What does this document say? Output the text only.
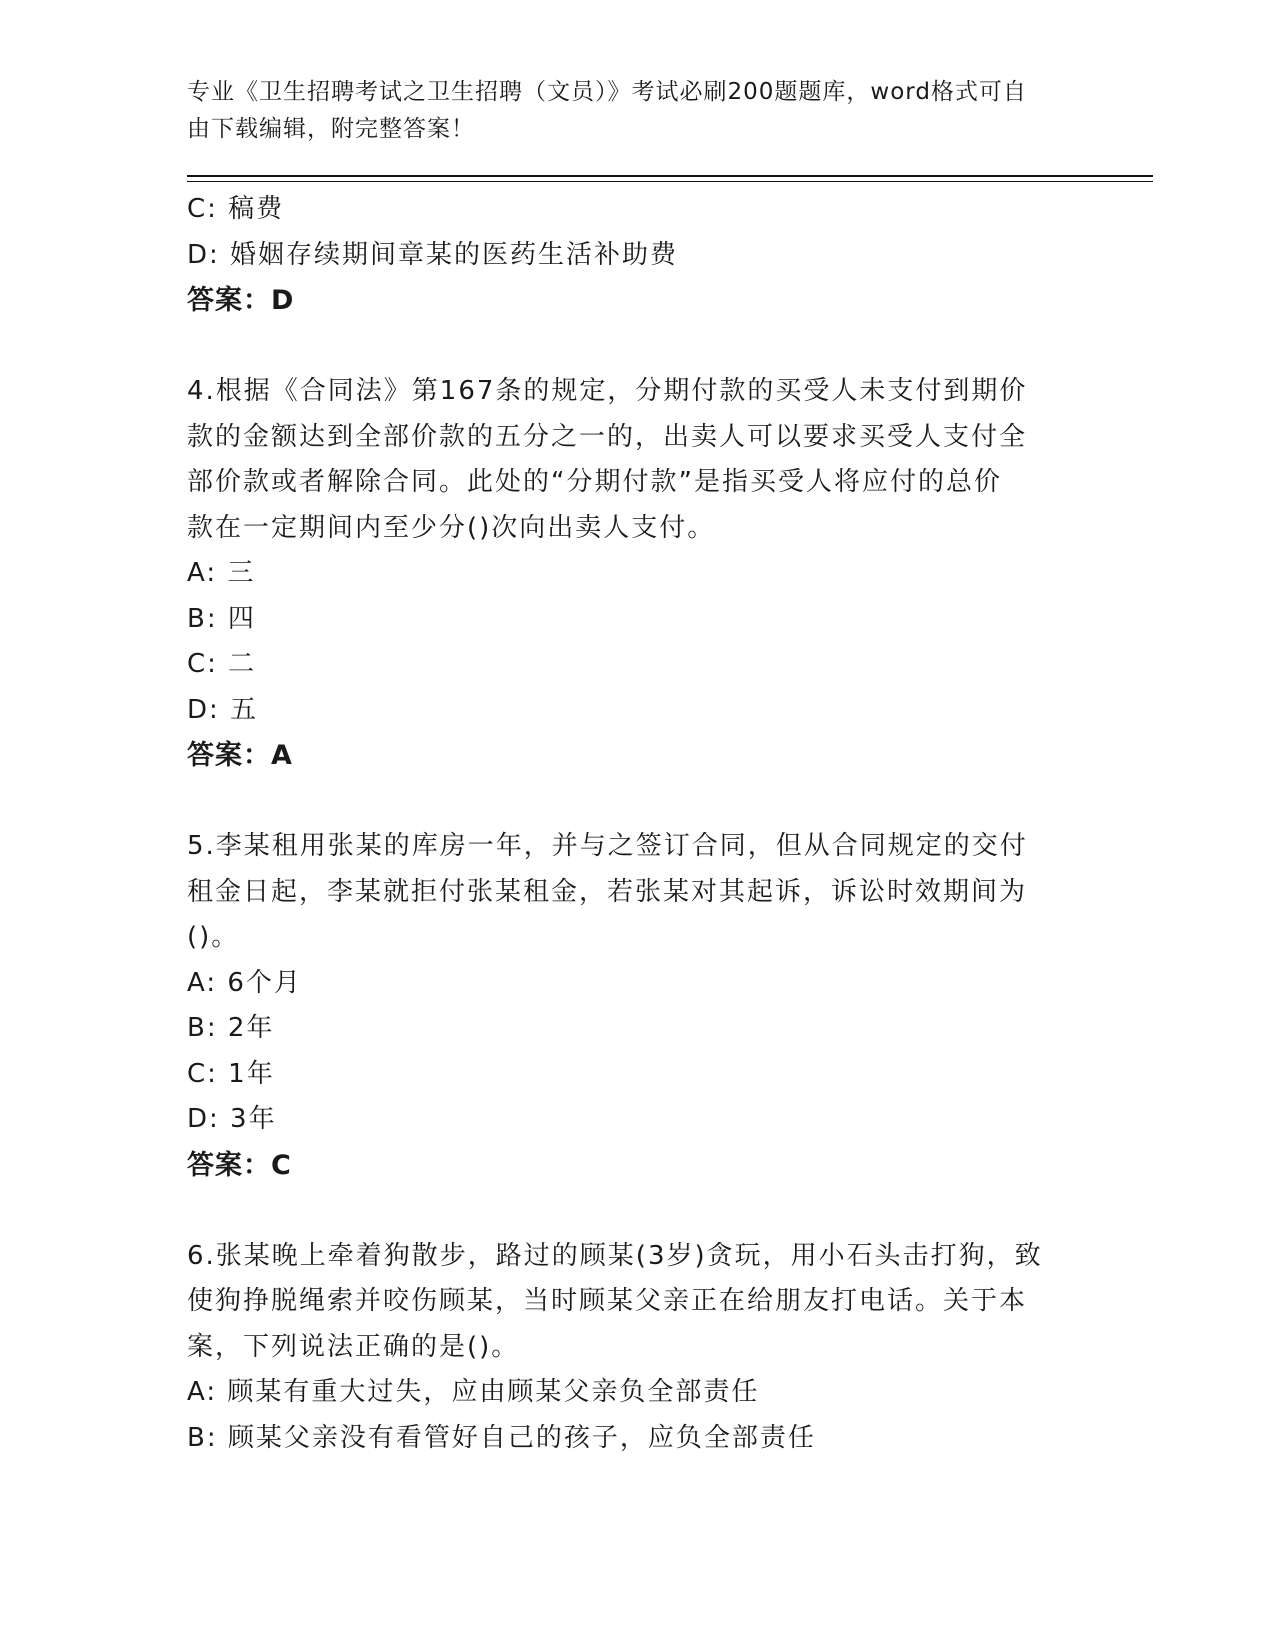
专业《卫生招聘考试之卫生招聘（文员）》考试必刷200题题库，word格式可自
由下载编辑，附完整答案！
C: 稿费
D: 婚姻存续期间章某的医药生活补助费
答案：D
4.根据《合同法》第167条的规定，分期付款的买受人未支付到期价
款的金额达到全部价款的五分之一的，出卖人可以要求买受人支付全
部价款或者解除合同。此处的“分期付款”是指买受人将应付的总价
款在一定期间内至少分()次向出卖人支付。
A: 三
B: 四
C: 二
D: 五
答案：A
5.李某租用张某的库房一年，并与之签订合同，但从合同规定的交付
租金日起，李某就拒付张某租金，若张某对其起诉，诉讼时效期间为
()。
A: 6个月
B: 2年
C: 1年
D: 3年
答案：C
6.张某晚上牵着狗散步，路过的顾某(3岁)贪玩，用小石头击打狗，致
使狗挣脱绳索并咬伤顾某，当时顾某父亲正在给朋友打电话。关于本
案，下列说法正确的是()。
A: 顾某有重大过失，应由顾某父亲负全部责任
B: 顾某父亲没有看管好自己的孩子，应负全部责任
